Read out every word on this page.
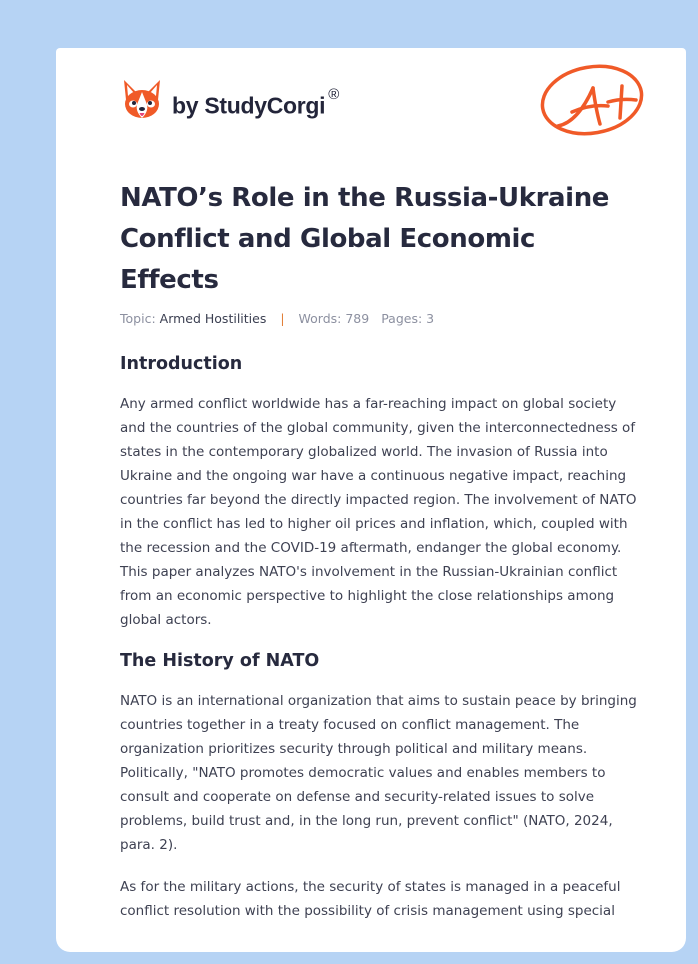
by StudyCorgi ®
NATO’s Role in the Russia-Ukraine Conflict and Global Economic Effects
Topic: Armed Hostilities | Words: 789 Pages: 3
Introduction

Any armed conflict worldwide has a far-reaching impact on global society and the countries of the global community, given the interconnectedness of states in the contemporary globalized world. The invasion of Russia into Ukraine and the ongoing war have a continuous negative impact, reaching countries far beyond the directly impacted region. The involvement of NATO in the conflict has led to higher oil prices and inflation, which, coupled with the recession and the COVID-19 aftermath, endanger the global economy. This paper analyzes NATO's involvement in the Russian-Ukrainian conflict from an economic perspective to highlight the close relationships among global actors.

The History of NATO

NATO is an international organization that aims to sustain peace by bringing countries together in a treaty focused on conflict management. The organization prioritizes security through political and military means. Politically, "NATO promotes democratic values and enables members to consult and cooperate on defense and security-related issues to solve problems, build trust and, in the long run, prevent conflict" (NATO, 2024, para. 2).

As for the military actions, the security of states is managed in a peaceful conflict resolution with the possibility of crisis management using special
